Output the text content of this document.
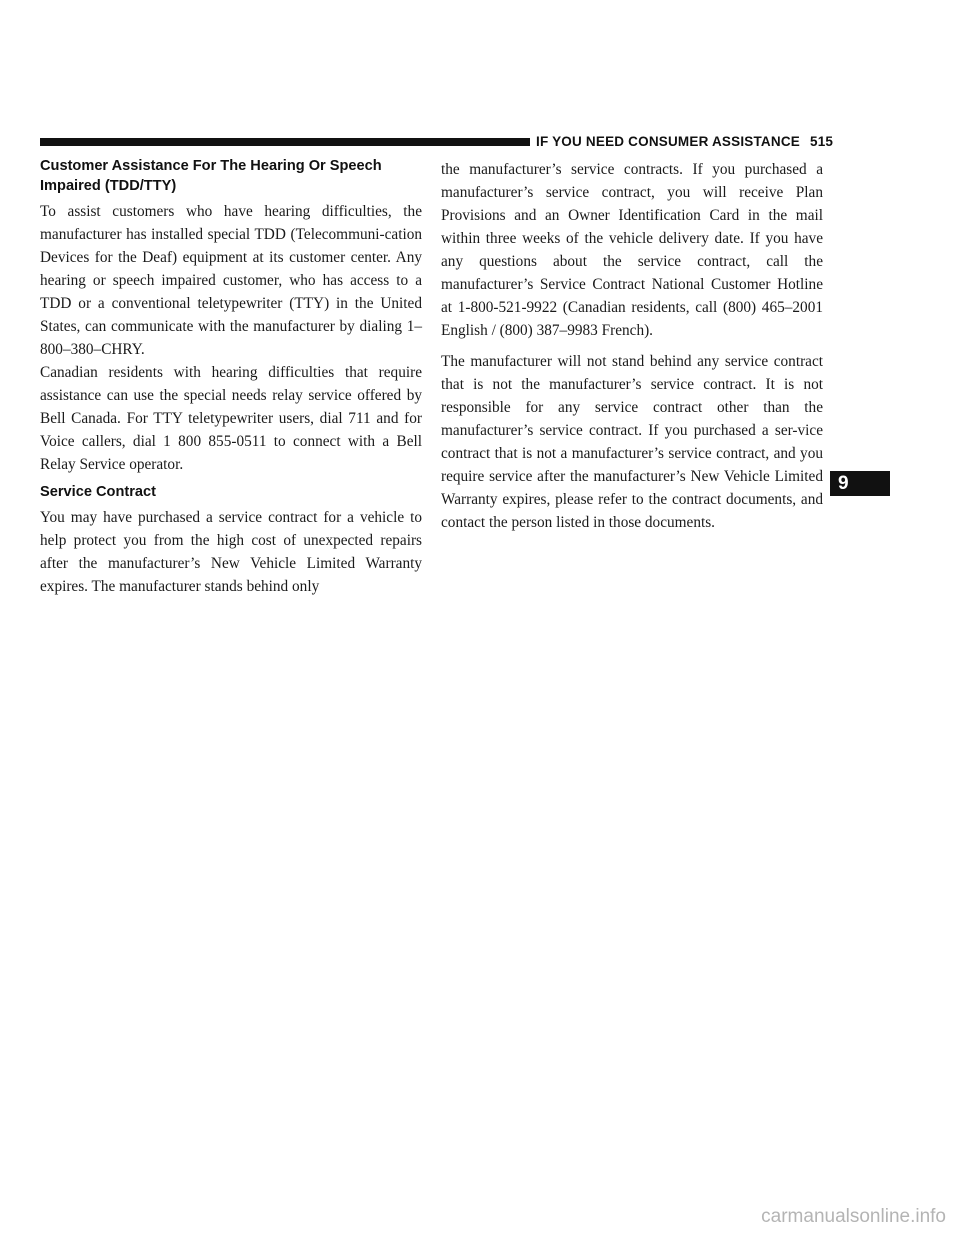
IF YOU NEED CONSUMER ASSISTANCE 515
Customer Assistance For The Hearing Or Speech Impaired (TDD/TTY)

To assist customers who have hearing difficulties, the manufacturer has installed special TDD (Telecommuni-cation Devices for the Deaf) equipment at its customer center. Any hearing or speech impaired customer, who has access to a TDD or a conventional teletypewriter (TTY) in the United States, can communicate with the manufacturer by dialing 1–800–380–CHRY.

Canadian residents with hearing difficulties that require assistance can use the special needs relay service offered by Bell Canada. For TTY teletypewriter users, dial 711 and for Voice callers, dial 1 800 855-0511 to connect with a Bell Relay Service operator.

Service Contract

You may have purchased a service contract for a vehicle to help protect you from the high cost of unexpected repairs after the manufacturer’s New Vehicle Limited Warranty expires. The manufacturer stands behind only

the manufacturer’s service contracts. If you purchased a manufacturer’s service contract, you will receive Plan Provisions and an Owner Identification Card in the mail within three weeks of the vehicle delivery date. If you have any questions about the service contract, call the manufacturer’s Service Contract National Customer Hotline at 1-800-521-9922 (Canadian residents, call (800) 465–2001 English / (800) 387–9983 French).

The manufacturer will not stand behind any service contract that is not the manufacturer’s service contract. It is not responsible for any service contract other than the manufacturer’s service contract. If you purchased a ser-vice contract that is not a manufacturer’s service contract, and you require service after the manufacturer’s New Vehicle Limited Warranty expires, please refer to the contract documents, and contact the person listed in those documents.

9
carmanualsonline.info
